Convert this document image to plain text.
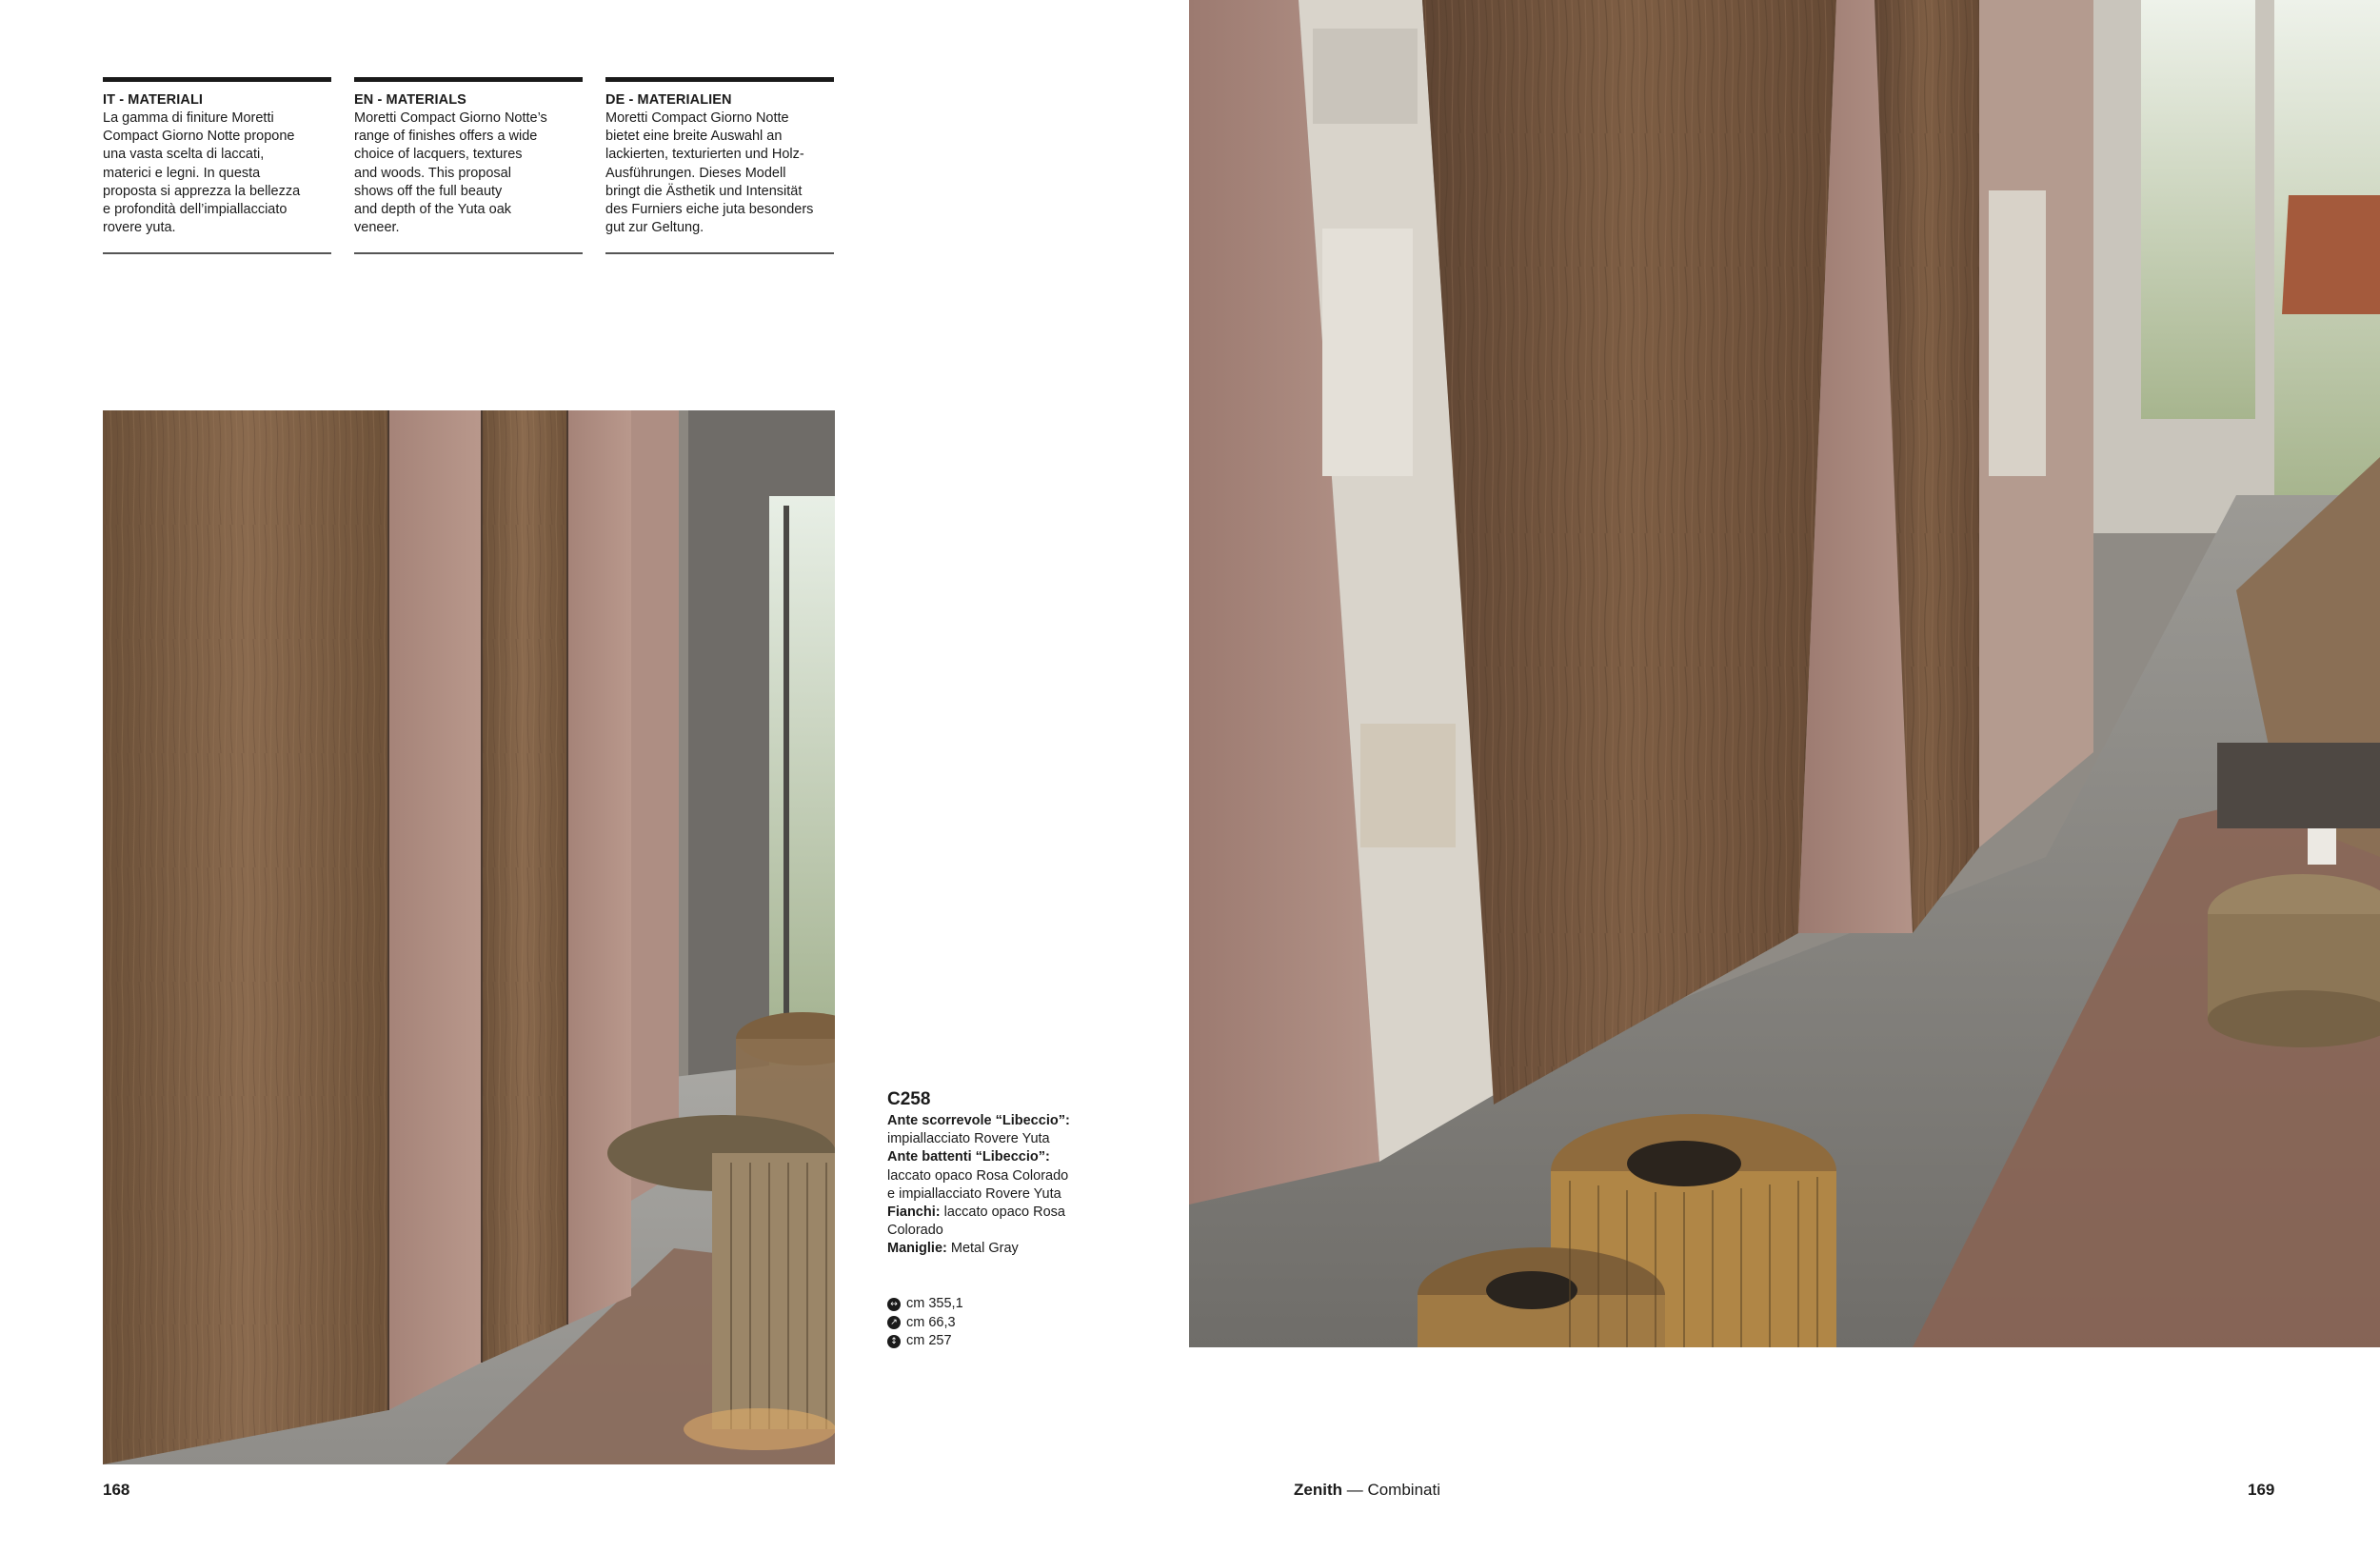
IT - MATERIALI

La gamma di finiture Moretti
Compact Giorno Notte propone
una vasta scelta di laccati,
materici e legni. In questa
proposta si apprezza la bellezza
e profondità dell’impiallacciato
rovere yuta.

EN - MATERIALS

Moretti Compact Giorno Notte’s
range of finishes offers a wide
choice of lacquers, textures
and woods. This proposal
shows off the full beauty
and depth of the Yuta oak
veneer.

DE - MATERIALIEN

Moretti Compact Giorno Notte
bietet eine breite Auswahl an
lackierten, texturierten und Holz-
Ausführungen. Dieses Modell
bringt die Ästhetik und Intensität
des Furniers eiche juta besonders
gut zur Geltung.

C258
Ante scorrevole “Libeccio”:
impiallacciato Rovere Yuta
Ante battenti “Libeccio”:
laccato opaco Rosa Colorado
e impiallacciato Rovere Yuta
Fianchi: laccato opaco Rosa
Colorado
Maniglie: Metal Gray
↔ cm 355,1
↗ cm 66,3
↕ cm 257
168	Zenith — Combinati	169
